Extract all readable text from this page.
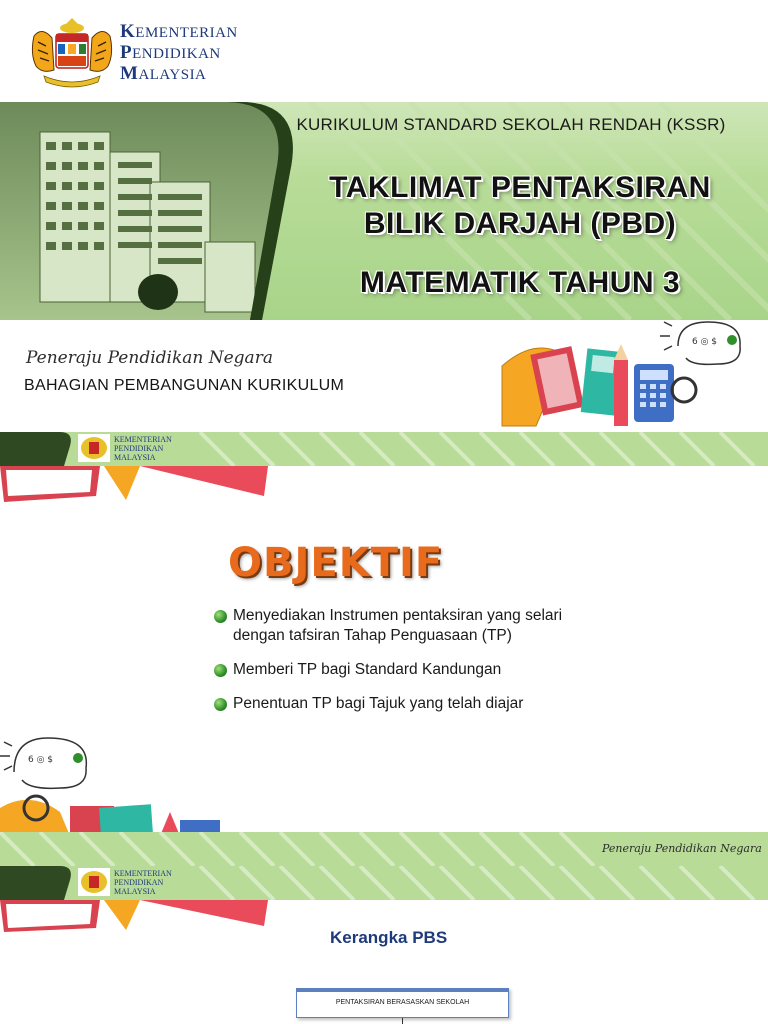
KEMENTERIAN
PENDIDIKAN
MALAYSIA
KURIKULUM STANDARD SEKOLAH RENDAH (KSSR)
TAKLIMAT PENTAKSIRAN
BILIK DARJAH (PBD)
MATEMATIK TAHUN 3
Peneraju Pendidikan Negara
BAHAGIAN PEMBANGUNAN KURIKULUM
6 ◎ $
KEMENTERIAN
PENDIDIKAN
MALAYSIA
OBJEKTIF
Menyediakan Instrumen pentaksiran yang selari
dengan tafsiran Tahap Penguasaan (TP)
Memberi TP bagi Standard Kandungan
Penentuan TP bagi Tajuk yang telah diajar
6 ◎ $
Peneraju Pendidikan Negara
KEMENTERIAN
PENDIDIKAN
MALAYSIA
Kerangka PBS
PENTAKSIRAN BERASASKAN SEKOLAH
